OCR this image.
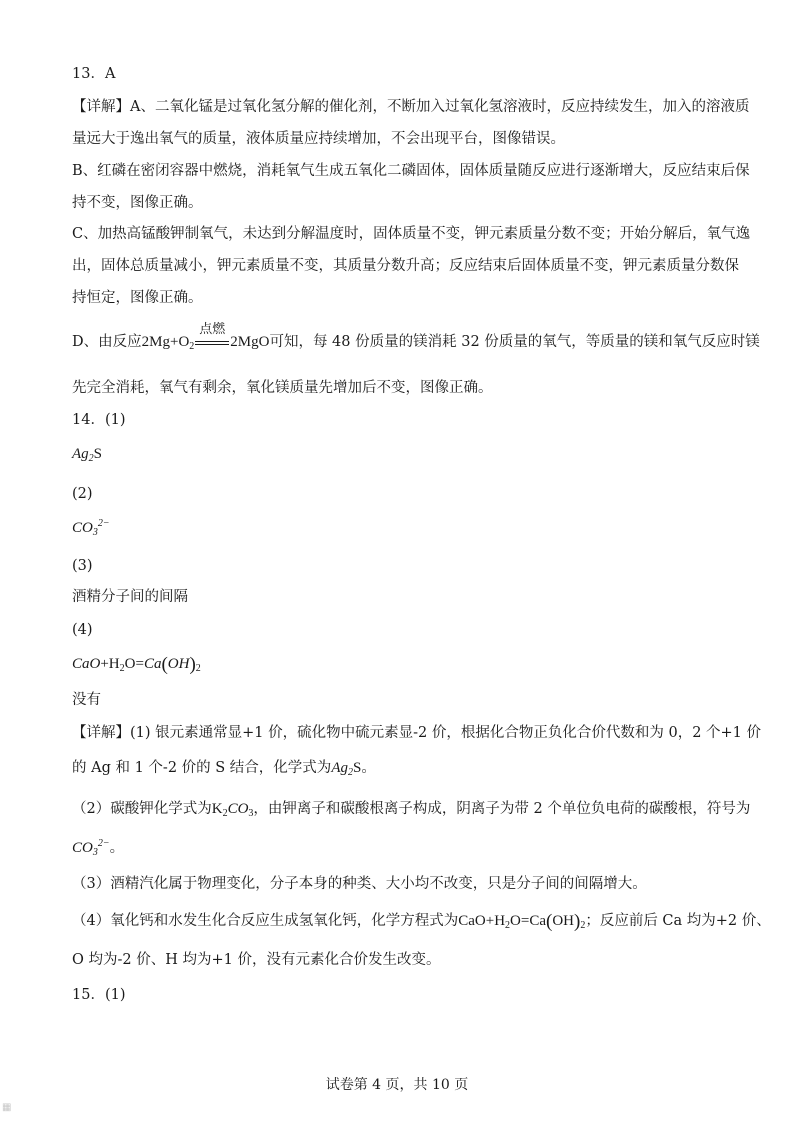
13．A
【详解】A、二氧化锰是过氧化氢分解的催化剂，不断加入过氧化氢溶液时，反应持续发生，加入的溶液质
量远大于逸出氧气的质量，液体质量应持续增加，不会出现平台，图像错误。
B、红磷在密闭容器中燃烧，消耗氧气生成五氧化二磷固体，固体质量随反应进行逐渐增大，反应结束后保
持不变，图像正确。
C、加热高锰酸钾制氧气，未达到分解温度时，固体质量不变，钾元素质量分数不变；开始分解后，氧气逸
出，固体总质量减小，钾元素质量不变，其质量分数升高；反应结束后固体质量不变，钾元素质量分数保
持恒定，图像正确。
D、由反应$2Mg+O_2$
点燃
2MgO可知，每 48 份质量的镁消耗 32 份质量的氧气，等质量的镁和氧气反应时镁
先完全消耗，氧气有剩余，氧化镁质量先增加后不变，图像正确。
14．(1)
$Ag_2S$
(2)
$CO_3^{2-}$
(3)
酒精分子间的间隔
(4)
$CaO+H_2O=Ca(OH)_2$
没有
【详解】(1) 银元素通常显+1 价，硫化物中硫元素显-2 价，根据化合物正负化合价代数和为 0，2 个+1 价
的 Ag 和 1 个-2 价的 S 结合，化学式为$Ag_2S$。
（2）碳酸钾化学式为$K_2CO_3$，由钾离子和碳酸根离子构成，阴离子为带 2 个单位负电荷的碳酸根，符号为
$CO_3^{2-}$。
（3）酒精汽化属于物理变化，分子本身的种类、大小均不改变，只是分子间的间隔增大。
（4）氧化钙和水发生化合反应生成氢氧化钙，化学方程式为$CaO+H_2O=Ca(OH)_2$；反应前后 Ca 均为+2 价、
O 均为-2 价、H 均为+1 价，没有元素化合价发生改变。
15．(1)
试卷第 4 页，共 10 页
▦
